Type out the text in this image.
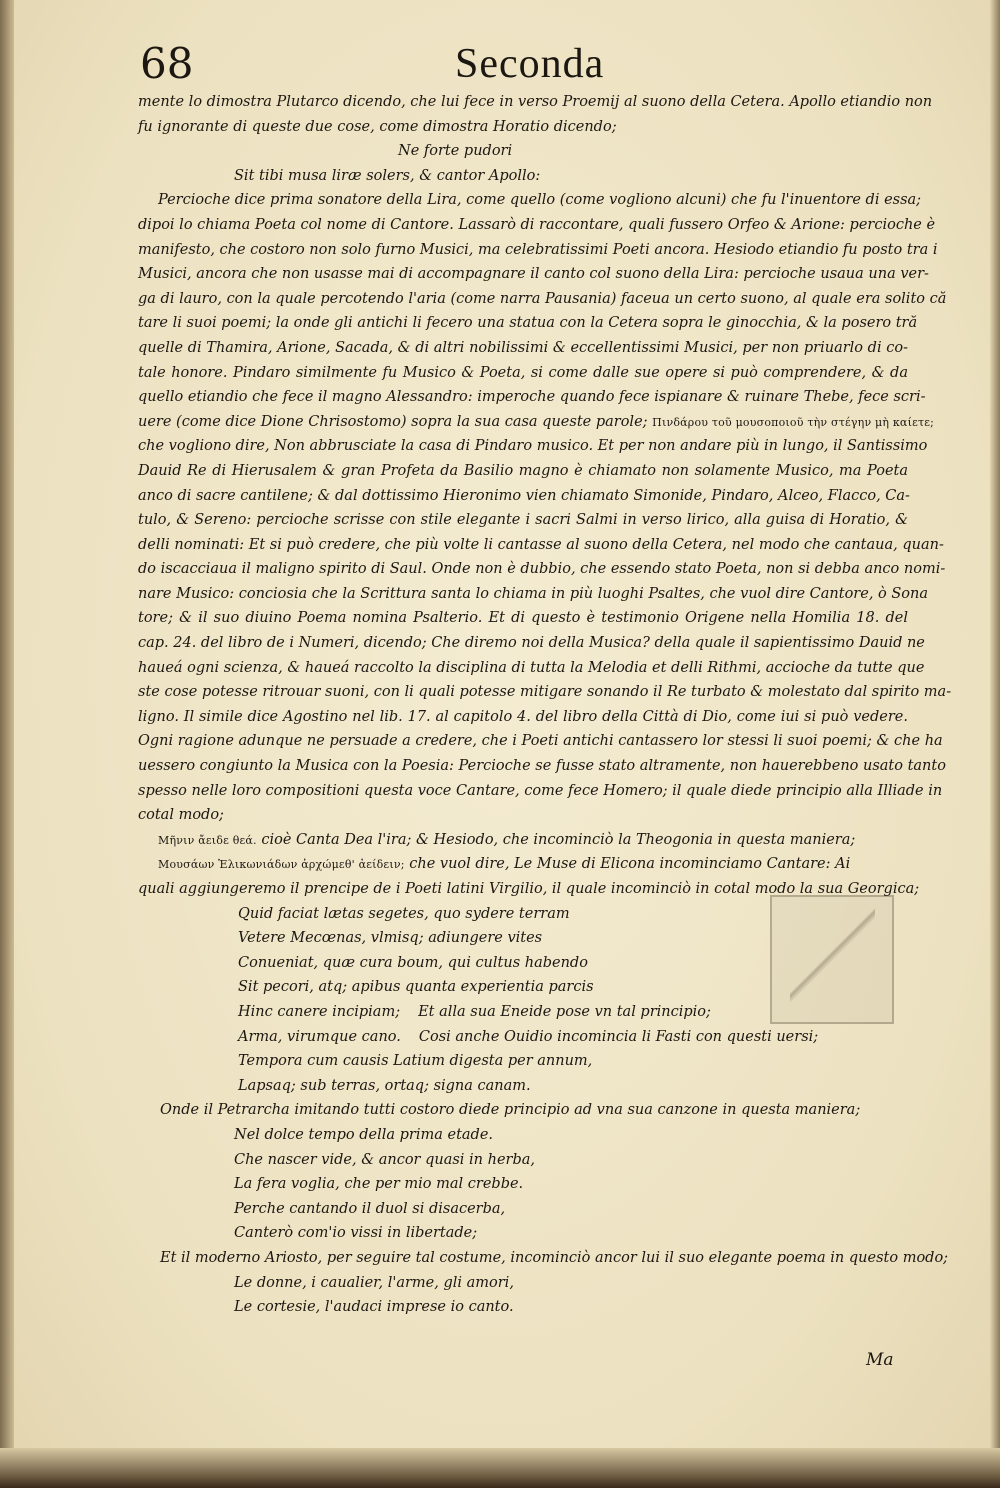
68	Seconda
mente lo dimostra Plutarco dicendo, che lui fece in verso Proemij al suono della Cetera. Apollo etiandio non
fu ignorante di queste due cose, come dimostra Horatio dicendo;
Ne forte pudori
Sit tibi musa liræ solers, & cantor Apollo:
Percioche dice prima sonatore della Lira, come quello (come vogliono alcuni) che fu l'inuentore di essa;
dipoi lo chiama Poeta col nome di Cantore. Lassarò di raccontare, quali fussero Orfeo & Arione: percioche è
manifesto, che costoro non solo furno Musici, ma celebratissimi Poeti ancora. Hesiodo etiandio fu posto tra i
Musici, ancora che non usasse mai di accompagnare il canto col suono della Lira: percioche usaua una ver-
ga di lauro, con la quale percotendo l'aria (come narra Pausania) faceua un certo suono, al quale era solito că
tare li suoi poemi; la onde gli antichi li fecero una statua con la Cetera sopra le ginocchia, & la posero tră
quelle di Thamira, Arione, Sacada, & di altri nobilissimi & eccellentissimi Musici, per non priuarlo di co-
tale honore. Pindaro similmente fu Musico & Poeta, si come dalle sue opere si può comprendere, & da
quello etiandio che fece il magno Alessandro: imperoche quando fece ispianare & ruinare Thebe, fece scri-
uere (come dice Dione Chrisostomo) sopra la sua casa queste parole; Πινδάρου τοῦ μουσοποιοῦ τὴν στέγην μὴ καίετε;
che vogliono dire, Non abbrusciate la casa di Pindaro musico. Et per non andare più in lungo, il Santissimo
Dauid Re di Hierusalem & gran Profeta da Basilio magno è chiamato non solamente Musico, ma Poeta
anco di sacre cantilene; & dal dottissimo Hieronimo vien chiamato Simonide, Pindaro, Alceo, Flacco, Ca-
tulo, & Sereno: percioche scrisse con stile elegante i sacri Salmi in verso lirico, alla guisa di Horatio, &
delli nominati: Et si può credere, che più volte li cantasse al suono della Cetera, nel modo che cantaua, quan-
do iscacciaua il maligno spirito di Saul. Onde non è dubbio, che essendo stato Poeta, non si debba anco nomi-
nare Musico: conciosia che la Scrittura santa lo chiama in più luoghi Psaltes, che vuol dire Cantore, ò Sona
tore; & il suo diuino Poema nomina Psalterio. Et di questo è testimonio Origene nella Homilia 18. del
cap. 24. del libro de i Numeri, dicendo; Che diremo noi della Musica? della quale il sapientissimo Dauid ne
haueá ogni scienza, & haueá raccolto la disciplina di tutta la Melodia et delli Rithmi, accioche da tutte que
ste cose potesse ritrouar suoni, con li quali potesse mitigare sonando il Re turbato & molestato dal spirito ma-
ligno. Il simile dice Agostino nel lib. 17. al capitolo 4. del libro della Città di Dio, come iui si può vedere.
Ogni ragione adunque ne persuade a credere, che i Poeti antichi cantassero lor stessi li suoi poemi; & che ha
uessero congiunto la Musica con la Poesia: Percioche se fusse stato altramente, non hauerebbeno usato tanto
spesso nelle loro compositioni questa voce Cantare, come fece Homero; il quale diede principio alla Illiade in
cotal modo;
Μῆνιν ἄειδε θεά. cioè Canta Dea l'ira; & Hesiodo, che incominciò la Theogonia in questa maniera;
Μουσάων Ἑλικωνιάδων ἀρχώμεθ' ἀείδειν; che vuol dire, Le Muse di Elicona incominciamo Cantare: Ai
quali aggiungeremo il prencipe de i Poeti latini Virgilio, il quale incominciò in cotal modo la sua Georgica;
Quid faciat lætas segetes, quo sydere terram
Vetere Mecœnas, vlmisq; adiungere vites
Conueniat, quæ cura boum, qui cultus habendo
Sit pecori, atq; apibus quanta experientia parcis
Hinc canere incipiam; Et alla sua Eneide pose vn tal principio;
Arma, virumque cano. Cosi anche Ouidio incomincia li Fasti con questi uersi;
Tempora cum causis Latium digesta per annum,
Lapsaq; sub terras, ortaq; signa canam.
Onde il Petrarcha imitando tutti costoro diede principio ad vna sua canzone in questa maniera;
Nel dolce tempo della prima etade.
Che nascer vide, & ancor quasi in herba,
La fera voglia, che per mio mal crebbe.
Perche cantando il duol si disacerba,
Canterò com'io vissi in libertade;
Et il moderno Ariosto, per seguire tal costume, incominciò ancor lui il suo elegante poema in questo modo;
Le donne, i caualier, l'arme, gli amori,
Le cortesie, l'audaci imprese io canto.
Ma
